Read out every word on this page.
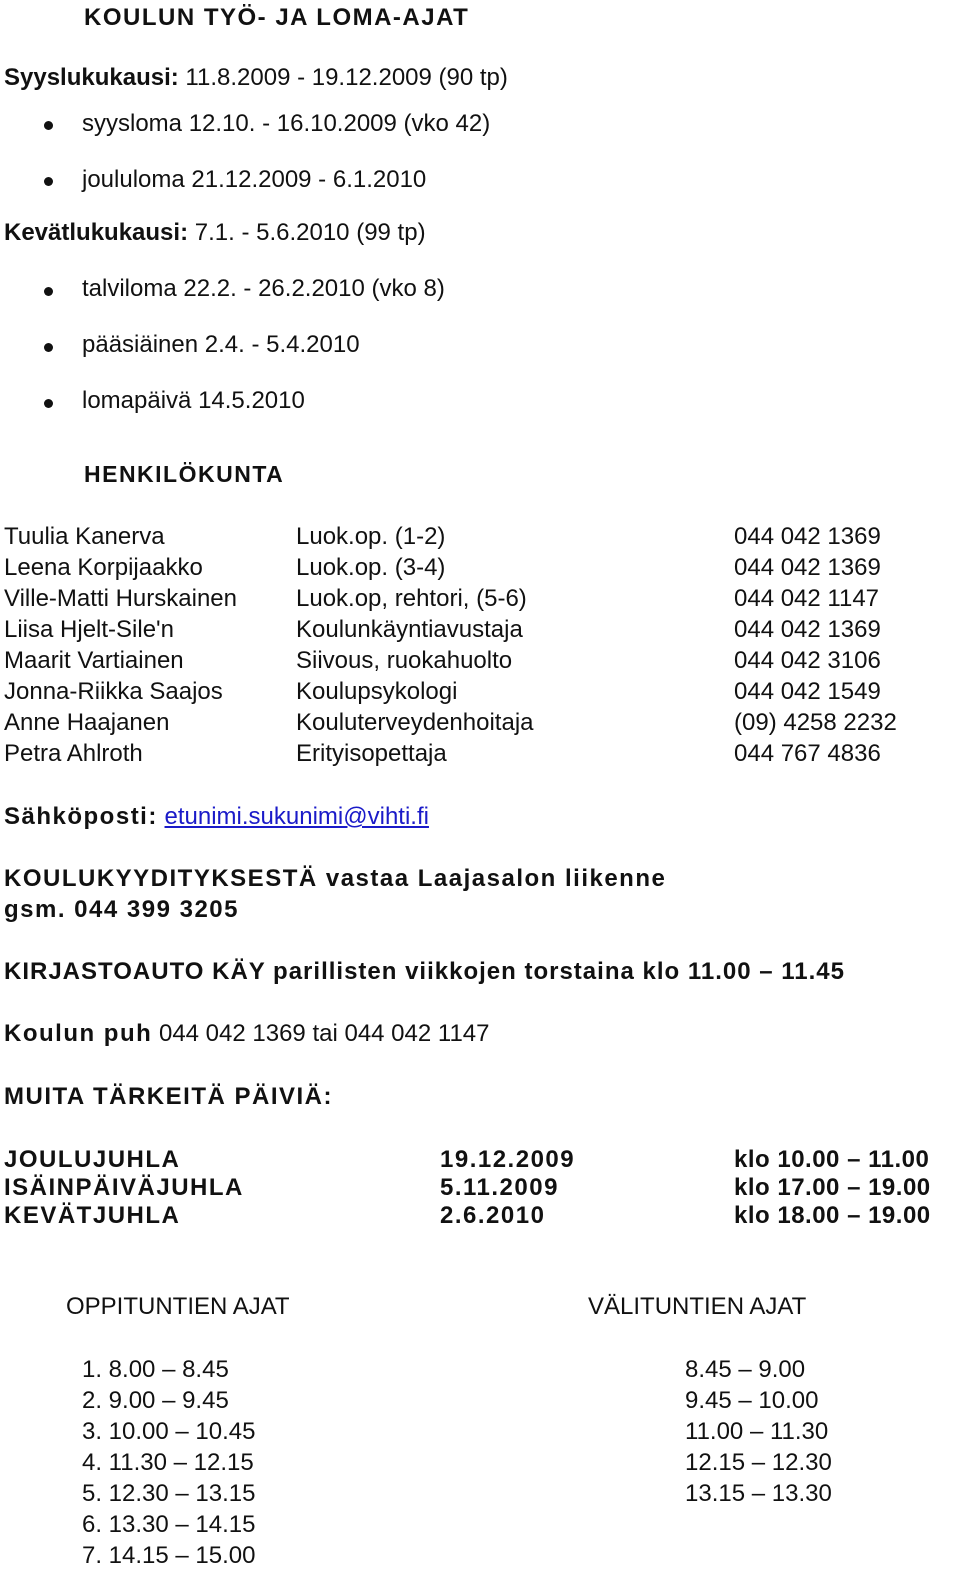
KOULUN TYÖ- JA LOMA-AJAT
Syyslukukausi: 11.8.2009 - 19.12.2009 (90 tp)
syysloma 12.10. - 16.10.2009 (vko 42)
joululoma 21.12.2009 - 6.1.2010
Kevätlukukausi: 7.1. - 5.6.2010 (99 tp)
talviloma 22.2. - 26.2.2010 (vko 8)
pääsiäinen 2.4. - 5.4.2010
lomapäivä 14.5.2010
HENKILÖKUNTA
Tuulia Kanerva	Luok.op. (1-2)	044 042 1369
Leena Korpijaakko	Luok.op. (3-4)	044 042 1369
Ville-Matti Hurskainen Luok.op, rehtori, (5-6)	044 042 1147
Liisa Hjelt-Sile'n	Koulunkäyntiavustaja	044 042 1369
Maarit Vartiainen	Siivous, ruokahuolto	044 042 3106
Jonna-Riikka Saajos	Koulupsykologi	044 042 1549
Anne Haajanen	Kouluterveydenhoitaja	(09) 4258 2232
Petra Ahlroth	Erityisopettaja	044 767 4836
Sähköposti: etunimi.sukunimi@vihti.fi
KOULUKYYDITYKSESTÄ vastaa Laajasalon liikenne
gsm. 044 399 3205
KIRJASTOAUTO KÄY parillisten viikkojen torstaina klo 11.00 – 11.45
Koulun puh 044 042 1369 tai 044 042 1147
MUITA TÄRKEITÄ PÄIVIÄ:
JOULUJUHLA	19.12.2009	klo 10.00 – 11.00
ISÄINPÄIVÄJUHLA	5.11.2009	klo 17.00 – 19.00
KEVÄTJUHLA	2.6.2010	klo 18.00 – 19.00
OPPITUNTIEN AJAT
1. 8.00 – 8.45
2. 9.00 – 9.45
3. 10.00 – 10.45
4. 11.30 – 12.15
5. 12.30 – 13.15
6. 13.30 – 14.15
7. 14.15 – 15.00
VÄLITUNTIEN AJAT
8.45 – 9.00
9.45 – 10.00
11.00 – 11.30
12.15 – 12.30
13.15 – 13.30
